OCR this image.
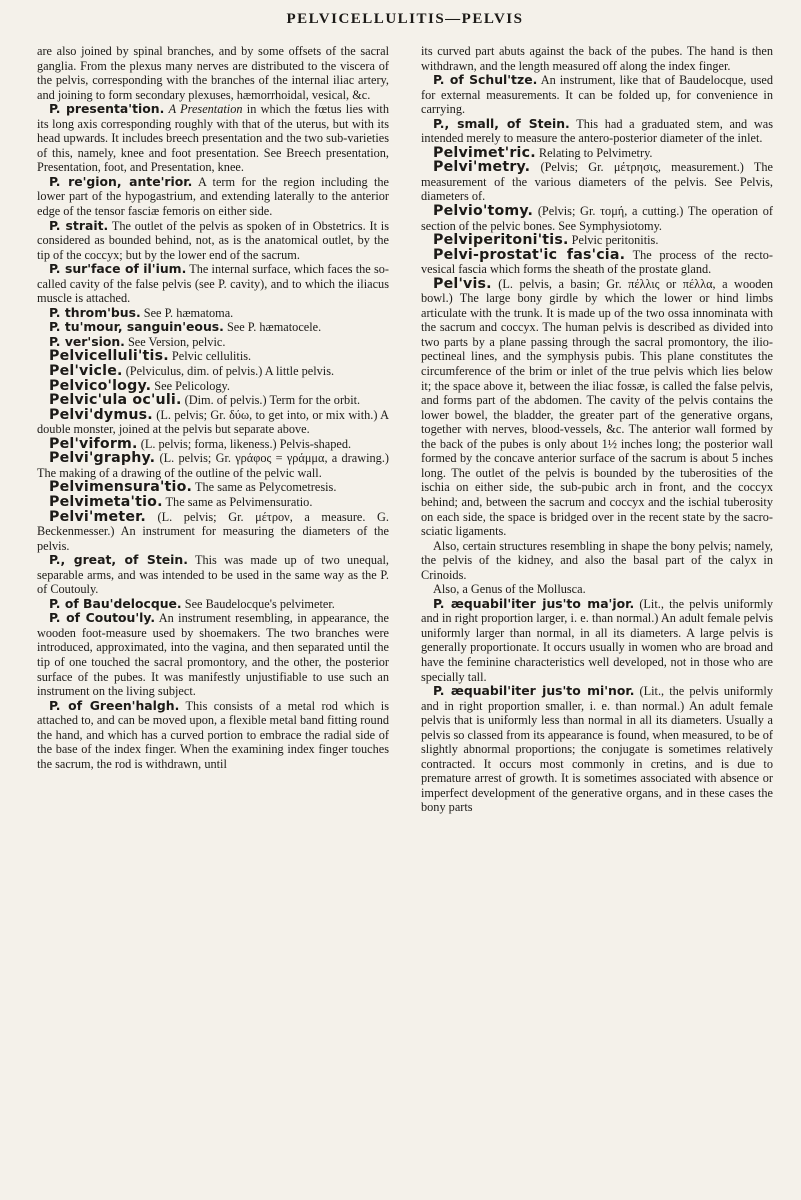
PELVICELLULITIS—PELVIS

are also joined by spinal branches, and by some offsets of the sacral ganglia. From the plexus many nerves are distributed to the viscera of the pelvis, corresponding with the branches of the internal iliac artery, and joining to form secondary plexuses, hæmorrhoidal, vesical, &c.

P. presenta'tion. A Presentation in which the fœtus lies with its long axis corresponding roughly with that of the uterus, but with its head upwards. It includes breech presentation and the two sub-varieties of this, namely, knee and foot presentation. See Breech presentation, Presentation, foot, and Presentation, knee.

P. re'gion, ante'rior. A term for the region including the lower part of the hypogastrium, and extending laterally to the anterior edge of the tensor fasciæ femoris on either side.

P. strait. The outlet of the pelvis as spoken of in Obstetrics. It is considered as bounded behind, not, as is the anatomical outlet, by the tip of the coccyx; but by the lower end of the sacrum.

P. sur'face of il'ium. The internal surface, which faces the so-called cavity of the false pelvis (see P. cavity), and to which the iliacus muscle is attached.

P. throm'bus. See P. hæmatoma.

P. tu'mour, sanguin'eous. See P. hæmatocele.

P. ver'sion. See Version, pelvic.

Pelvicelluli'tis. Pelvic cellulitis.

Pel'vicle. (Pelviculus, dim. of pelvis.) A little pelvis.

Pelvico'logy. See Pelicology.

Pelvic'ula oc'uli. (Dim. of pelvis.) Term for the orbit.

Pelvi'dymus. (L. pelvis; Gr. δύω, to get into, or mix with.) A double monster, joined at the pelvis but separate above.

Pel'viform. (L. pelvis; forma, likeness.) Pelvis-shaped.

Pelvi'graphy. (L. pelvis; Gr. γράφος = γράμμα, a drawing.) The making of a drawing of the outline of the pelvic wall.

Pelvimensura'tio. The same as Pelycometresis.

Pelvimeta'tio. The same as Pelvimensuratio.

Pelvi'meter. (L. pelvis; Gr. μέτρον, a measure. G. Beckenmesser.) An instrument for measuring the diameters of the pelvis.

P., great, of Stein. This was made up of two unequal, separable arms, and was intended to be used in the same way as the P. of Coutouly.

P. of Bau'delocque. See Baudelocque's pelvimeter.

P. of Coutou'ly. An instrument resembling, in appearance, the wooden foot-measure used by shoemakers. The two branches were introduced, approximated, into the vagina, and then separated until the tip of one touched the sacral promontory, and the other, the posterior surface of the pubes. It was manifestly unjustifiable to use such an instrument on the living subject.

P. of Green'halgh. This consists of a metal rod which is attached to, and can be moved upon, a flexible metal band fitting round the hand, and which has a curved portion to embrace the radial side of the base of the index finger. When the examining index finger touches the sacrum, the rod is withdrawn, until

its curved part abuts against the back of the pubes. The hand is then withdrawn, and the length measured off along the index finger.

P. of Schul'tze. An instrument, like that of Baudelocque, used for external measurements. It can be folded up, for convenience in carrying.

P., small, of Stein. This had a graduated stem, and was intended merely to measure the antero-posterior diameter of the inlet.

Pelvimet'ric. Relating to Pelvimetry.

Pelvi'metry. (Pelvis; Gr. μέτρησις, measurement.) The measurement of the various diameters of the pelvis. See Pelvis, diameters of.

Pelvio'tomy. (Pelvis; Gr. τομή, a cutting.) The operation of section of the pelvic bones. See Symphysiotomy.

Pelviperitoni'tis. Pelvic peritonitis.

Pelvi-prostat'ic fas'cia. The process of the recto-vesical fascia which forms the sheath of the prostate gland.

Pel'vis. (L. pelvis, a basin; Gr. πέλλις or πέλλα, a wooden bowl.) The large bony girdle by which the lower or hind limbs articulate with the trunk. It is made up of the two ossa innominata with the sacrum and coccyx. The human pelvis is described as divided into two parts by a plane passing through the sacral promontory, the ilio-pectineal lines, and the symphysis pubis. This plane constitutes the circumference of the brim or inlet of the true pelvis which lies below it; the space above it, between the iliac fossæ, is called the false pelvis, and forms part of the abdomen. The cavity of the pelvis contains the lower bowel, the bladder, the greater part of the generative organs, together with nerves, blood-vessels, &c. The anterior wall formed by the back of the pubes is only about 1½ inches long; the posterior wall formed by the concave anterior surface of the sacrum is about 5 inches long. The outlet of the pelvis is bounded by the tuberosities of the ischia on either side, the sub-pubic arch in front, and the coccyx behind; and, between the sacrum and coccyx and the ischial tuberosity on each side, the space is bridged over in the recent state by the sacro-sciatic ligaments.

Also, certain structures resembling in shape the bony pelvis; namely, the pelvis of the kidney, and also the basal part of the calyx in Crinoids.

Also, a Genus of the Mollusca.

P. æquabil'iter jus'to ma'jor. (Lit., the pelvis uniformly and in right proportion larger, i. e. than normal.) An adult female pelvis uniformly larger than normal, in all its diameters. A large pelvis is generally proportionate. It occurs usually in women who are broad and have the feminine characteristics well developed, not in those who are specially tall.

P. æquabil'iter jus'to mi'nor. (Lit., the pelvis uniformly and in right proportion smaller, i. e. than normal.) An adult female pelvis that is uniformly less than normal in all its diameters. Usually a pelvis so classed from its appearance is found, when measured, to be of slightly abnormal proportions; the conjugate is sometimes relatively contracted. It occurs most commonly in cretins, and is due to premature arrest of growth. It is sometimes associated with absence or imperfect development of the generative organs, and in these cases the bony parts
